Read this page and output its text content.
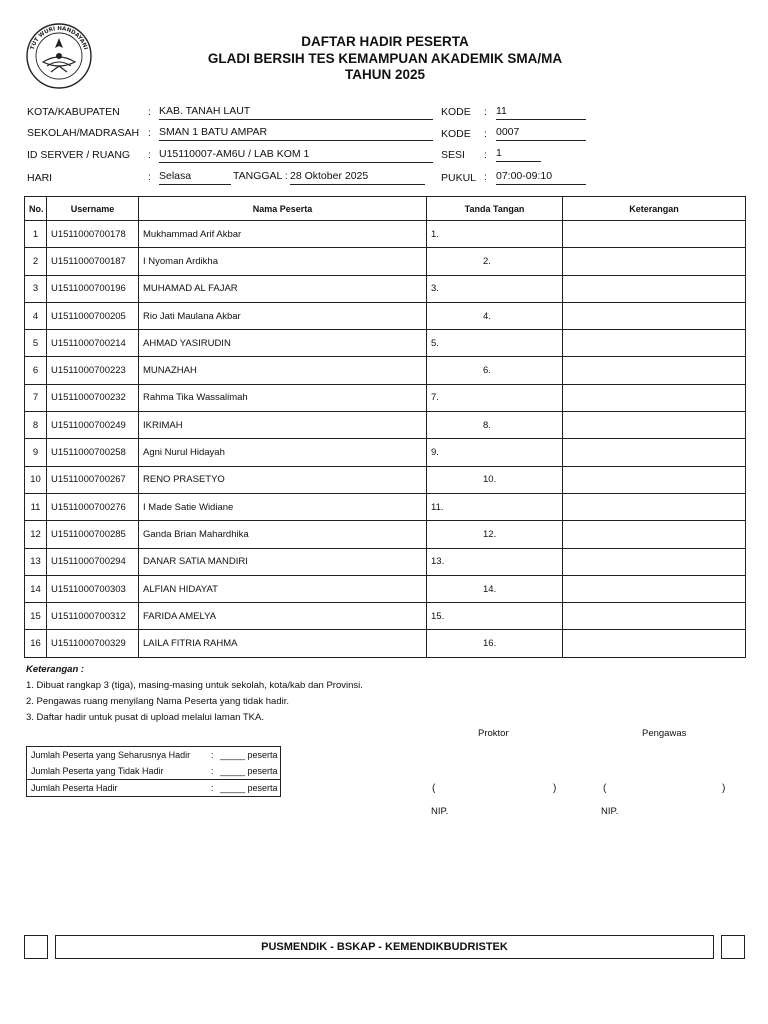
TUT WURI HANDAYANI	DAFTAR HADIR PESERTA
GLADI BERSIH TES KEMAMPUAN AKADEMIK SMA/MA
TAHUN 2025
KOTA/KABUPATEN	: KAB. TANAH LAUT
SEKOLAH/MADRASAH : SMAN 1 BATU AMPAR
ID SERVER / RUANG : U15110007-AM6U / LAB KOM 1
HARI	: Selasa	TANGGAL : 28 Oktober 2025
KODE : 11
KODE : 0007
SESI : 1
PUKUL : 07:00-09:10
No.	Username	Nama Peserta	Tanda Tangan	Keterangan
1	U1511000700178	Mukhammad Arif Akbar	1.	
2	U1511000700187	I Nyoman Ardikha	2.	
3	U1511000700196	MUHAMAD AL FAJAR	3.	
4	U1511000700205	Rio Jati Maulana Akbar	4.	
5	U1511000700214	AHMAD YASIRUDIN	5.	
6	U1511000700223	MUNAZHAH	6.	
7	U1511000700232	Rahma Tika Wassalimah	7.	
8	U1511000700249	IKRIMAH	8.	
9	U1511000700258	Agni Nurul Hidayah	9.	
10	U1511000700267	RENO PRASETYO	10.	
11	U1511000700276	I Made Satie Widiane	11.	
12	U1511000700285	Ganda Brian Mahardhika	12.	
13	U1511000700294	DANAR SATIA MANDIRI	13.	
14	U1511000700303	ALFIAN HIDAYAT	14.	
15	U1511000700312	FARIDA AMELYA	15.	
16	U1511000700329	LAILA FITRIA RAHMA	16.	
Keterangan :
1. Dibuat rangkap 3 (tiga), masing-masing untuk sekolah, kota/kab dan Provinsi.
2. Pengawas ruang menyilang Nama Peserta yang tidak hadir.
3. Daftar hadir untuk pusat di upload melalui laman TKA.
Proktor	Pengawas
(	)	(	)
NIP.	NIP.
Jumlah Peserta yang Seharusnya Hadir : _____ peserta
Jumlah Peserta yang Tidak Hadir	: _____ peserta
Jumlah Peserta Hadir	: _____ peserta
PUSMENDIK - BSKAP - KEMENDIKBUDRISTEK
